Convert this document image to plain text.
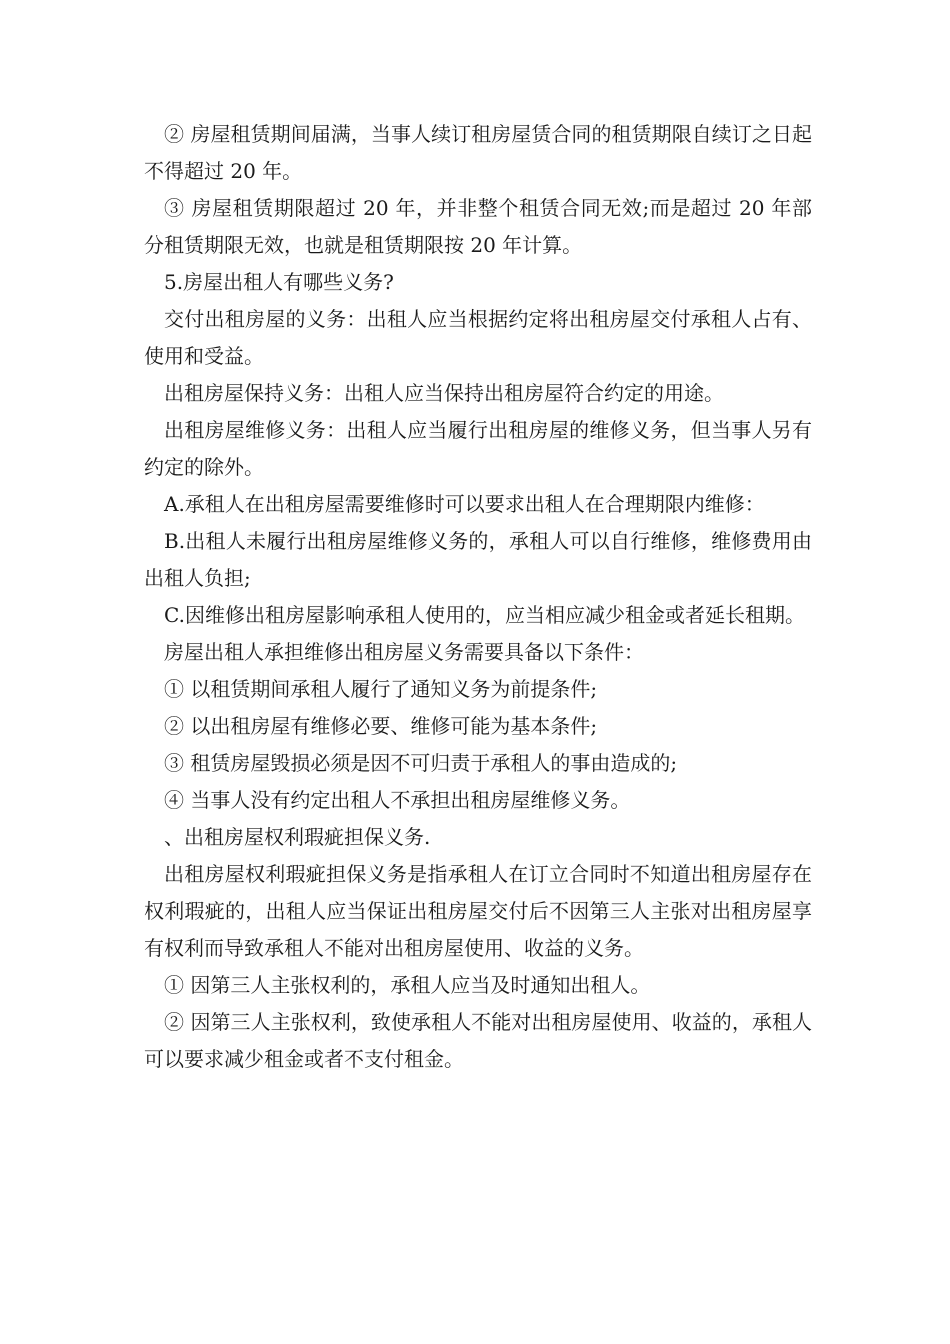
② 房屋租赁期间届满，当事人续订租房屋赁合同的租赁期限自续订之日起不得超过 20 年。

③ 房屋租赁期限超过 20 年，并非整个租赁合同无效;而是超过 20 年部分租赁期限无效，也就是租赁期限按 20 年计算。

5.房屋出租人有哪些义务?

交付出租房屋的义务：出租人应当根据约定将出租房屋交付承租人占有、使用和受益。

出租房屋保持义务：出租人应当保持出租房屋符合约定的用途。

出租房屋维修义务：出租人应当履行出租房屋的维修义务，但当事人另有约定的除外。

A.承租人在出租房屋需要维修时可以要求出租人在合理期限内维修：

B.出租人未履行出租房屋维修义务的，承租人可以自行维修，维修费用由出租人负担;

C.因维修出租房屋影响承租人使用的，应当相应减少租金或者延长租期。

房屋出租人承担维修出租房屋义务需要具备以下条件：

① 以租赁期间承租人履行了通知义务为前提条件;

② 以出租房屋有维修必要、维修可能为基本条件;

③ 租赁房屋毁损必须是因不可归责于承租人的事由造成的;

④ 当事人没有约定出租人不承担出租房屋维修义务。

、出租房屋权利瑕疵担保义务.

出租房屋权利瑕疵担保义务是指承租人在订立合同时不知道出租房屋存在权利瑕疵的，出租人应当保证出租房屋交付后不因第三人主张对出租房屋享有权利而导致承租人不能对出租房屋使用、收益的义务。

① 因第三人主张权利的，承租人应当及时通知出租人。

② 因第三人主张权利，致使承租人不能对出租房屋使用、收益的，承租人可以要求减少租金或者不支付租金。
